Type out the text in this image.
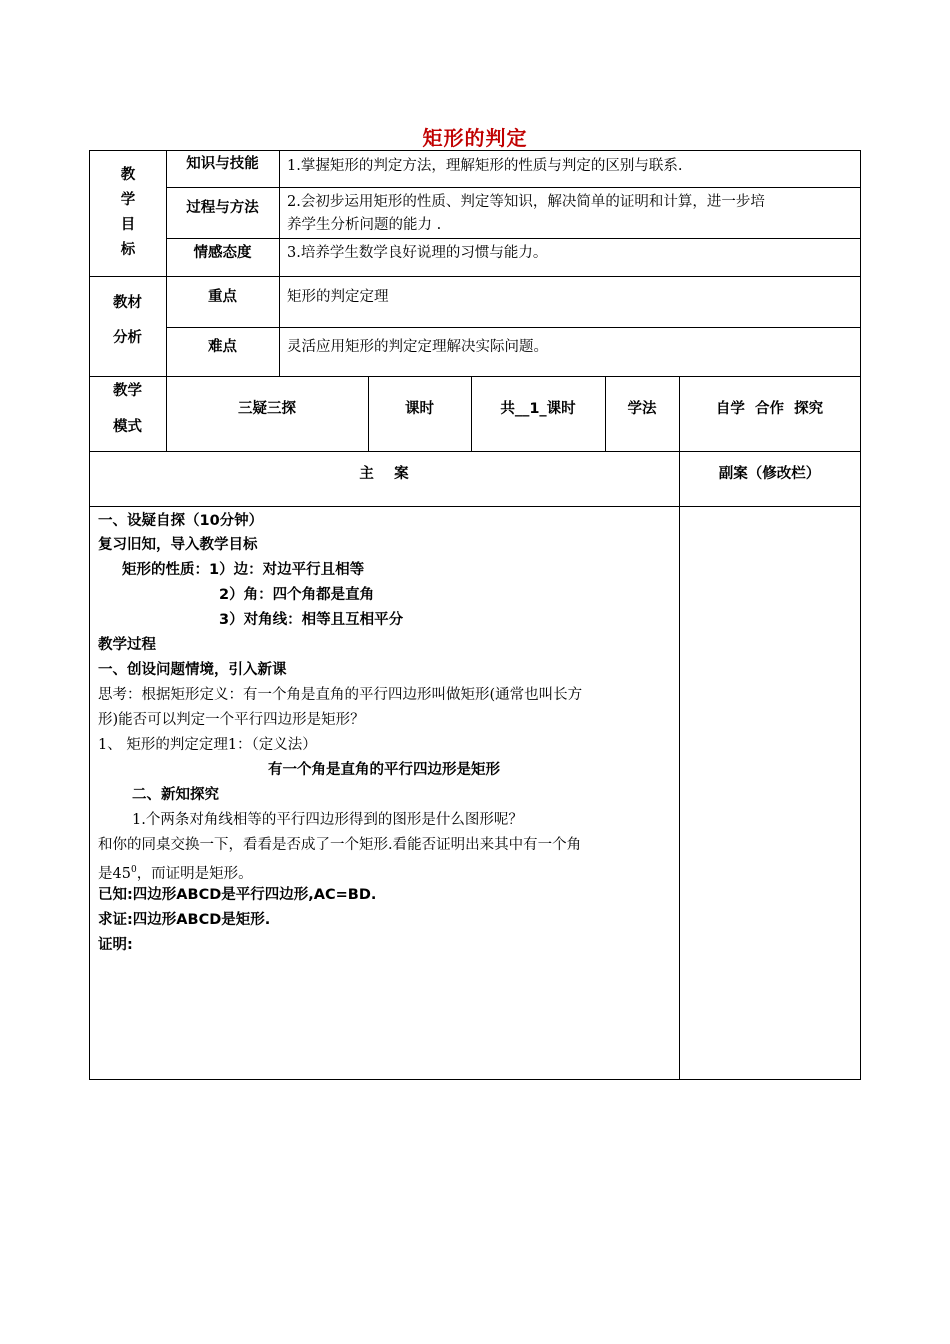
矩形的判定
教
学
目
标
知识与技能	1.掌握矩形的判定方法，理解矩形的性质与判定的区别与联系.
过程与方法	2.会初步运用矩形的性质、判定等知识，解决简单的证明和计算，进一步培
养学生分析问题的能力 .
情感态度	3.培养学生数学良好说理的习惯与能力。
教材
分析
重点	矩形的判定定理
难点	灵活应用矩形的判定定理解决实际问题。
教学
模式
三疑三探	课时	共__1_课时	学法	自学  合作  探究
主    案	副案（修改栏）
一、设疑自探（10分钟）
复习旧知，导入教学目标
矩形的性质：1）边：对边平行且相等
2）角：四个角都是直角
3）对角线：相等且互相平分
教学过程
一、创设问题情境，引入新课
思考：根据矩形定义：有一个角是直角的平行四边形叫做矩形(通常也叫长方
形)能否可以判定一个平行四边形是矩形？
1、 矩形的判定定理1：（定义法）
有一个角是直角的平行四边形是矩形
二、新知探究
1.个两条对角线相等的平行四边形得到的图形是什么图形呢？
和你的同桌交换一下，看看是否成了一个矩形.看能否证明出来其中有一个角
是$45^0$，而证明是矩形。
已知:四边形ABCD是平行四边形,AC=BD.
求证:四边形ABCD是矩形.
证明:
